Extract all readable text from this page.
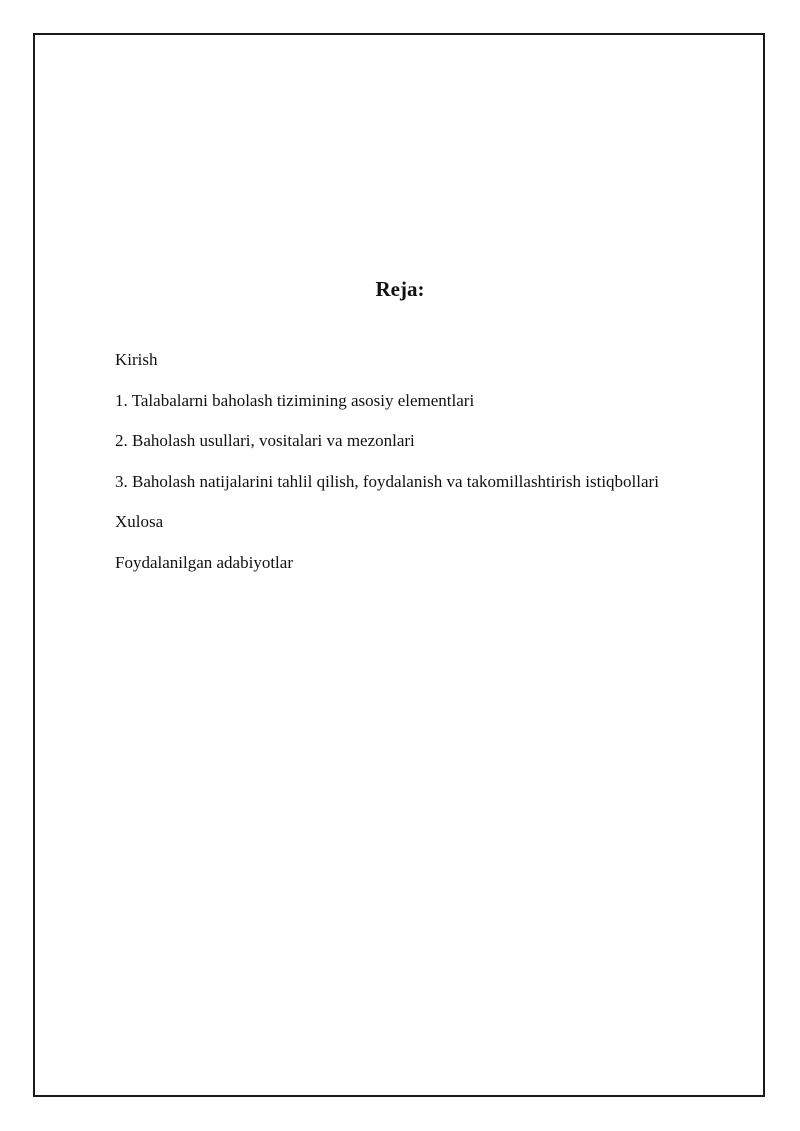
Reja:
Kirish
1. Talabalarni baholash tizimining asosiy elementlari
2. Baholash usullari, vositalari va mezonlari
3. Baholash natijalarini tahlil qilish, foydalanish va takomillashtirish istiqbollari
Xulosa
Foydalanilgan adabiyotlar
